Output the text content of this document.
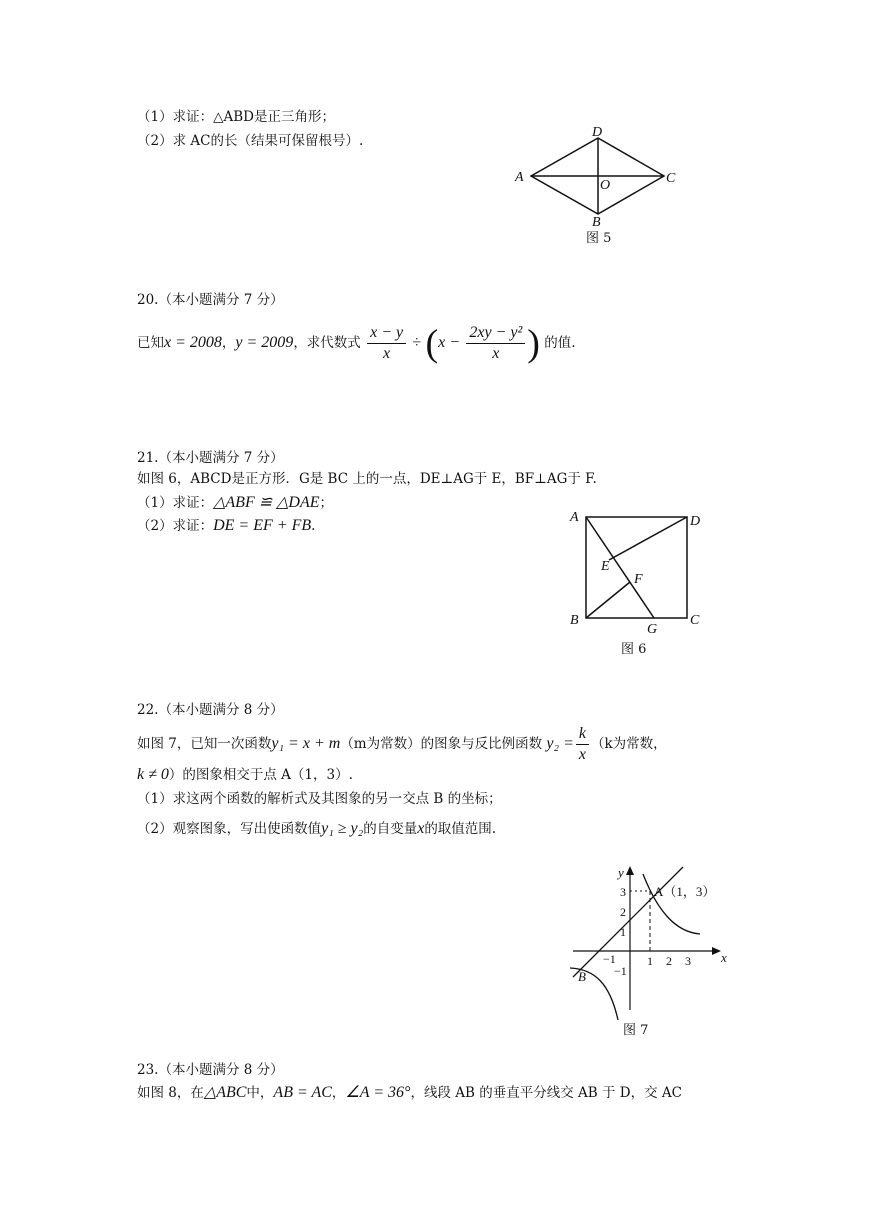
（1）求证：△ABD是正三角形；
（2）求 AC的长（结果可保留根号）.
A
B
C
D
O
图 5
20.（本小题满分 7 分）
已知x = 2008，y = 2009，求代数式 $\frac{x - y}{x} \div (x - \frac{\text{2xy − y²}}{x}$ ) 的值.
21.（本小题满分 7 分）
如图 6，ABCD是正方形．G是 BC 上的一点，DE⊥AG于 E，BF⊥AG于 F.
（1）求证：△ABF ≌ △DAE；
（2）求证：DE = EF + FB.
A
B	C
D
E
F
G
图 6
22.（本小题满分 8 分）
如图 7，已知一次函数y₁ = x + m（m为常数）的图象与反比例函数 $y_2 = \frac{k}{x} (k$为常数，
k ≠ 0）的图象相交于点 A（1，3）.
（1）求这两个函数的解析式及其图象的另一交点 B 的坐标；
（2）观察图象，写出使函数值y₁ ≥ y₂的自变量x的取值范围.
x
y
B
A（1，3）
−1	1 2 3
3
2
1
−1
图 7
23.（本小题满分 8 分）
如图 8，在△ABC中，AB = AC，∠A = 36°，线段 AB 的垂直平分线交 AB 于 D，交 AC
